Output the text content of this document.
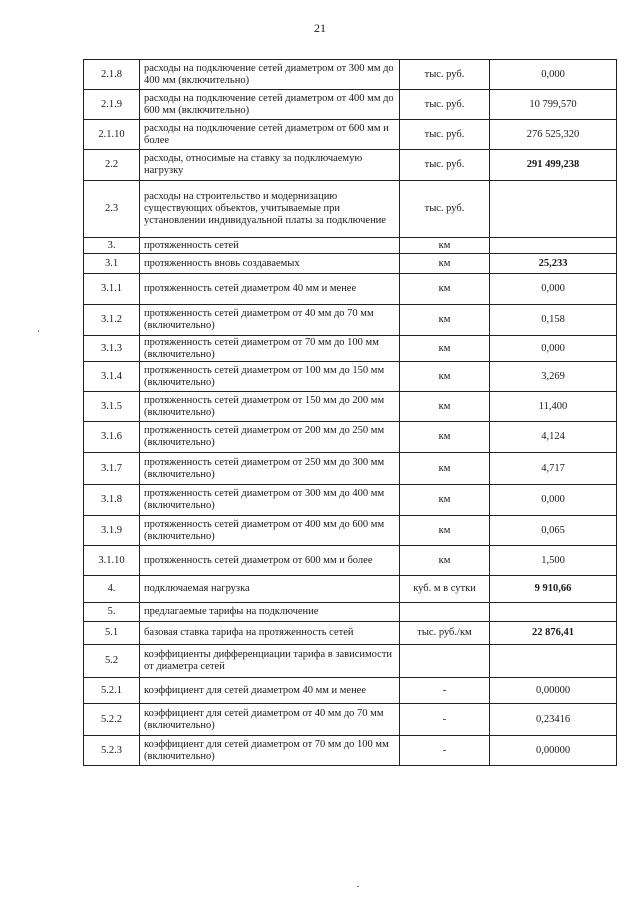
21
2.1.8	расходы на подключение сетей диаметром от 300 мм до 400 мм (включительно)	тыс. руб.	0,000
2.1.9	расходы на подключение сетей диаметром от 400 мм до 600 мм (включительно)	тыс. руб.	10 799,570
2.1.10	расходы на подключение сетей диаметром от 600 мм и более	тыс. руб.	276 525,320
2.2	расходы, относимые на ставку за подключаемую нагрузку	тыс. руб.	291 499,238
2.3	расходы на строительство и модернизацию существующих объектов, учитываемые при установлении индивидуальной платы за подключение	тыс. руб.	
3.	протяженность сетей	км	
3.1	протяженность вновь создаваемых	км	25,233
3.1.1	протяженность сетей диаметром 40 мм и менее	км	0,000
3.1.2	протяженность сетей диаметром от 40 мм до 70 мм (включительно)	км	0,158
3.1.3	протяженность сетей диаметром от 70 мм до 100 мм (включительно)	км	0,000
3.1.4	протяженность сетей диаметром от 100 мм до 150 мм (включительно)	км	3,269
3.1.5	протяженность сетей диаметром от 150 мм до 200 мм (включительно)	км	11,400
3.1.6	протяженность сетей диаметром от 200 мм до 250 мм (включительно)	км	4,124
3.1.7	протяженность сетей диаметром от 250 мм до 300 мм (включительно)	км	4,717
3.1.8	протяженность сетей диаметром от 300 мм до 400 мм (включительно)	км	0,000
3.1.9	протяженность сетей диаметром от 400 мм до 600 мм (включительно)	км	0,065
3.1.10	протяженность сетей диаметром от 600 мм и более	км	1,500
4.	подключаемая нагрузка	куб. м в сутки	9 910,66
5.	предлагаемые тарифы на подключение		
5.1	базовая ставка тарифа на протяженность сетей	тыс. руб./км	22 876,41
5.2	коэффициенты дифференциации тарифа в зависимости от диаметра сетей		
5.2.1	коэффициент для сетей диаметром 40 мм и менее	-	0,00000
5.2.2	коэффициент для сетей диаметром от 40 мм до 70 мм (включительно)	-	0,23416
5.2.3	коэффициент для сетей диаметром от 70 мм до 100 мм (включительно)	-	0,00000
